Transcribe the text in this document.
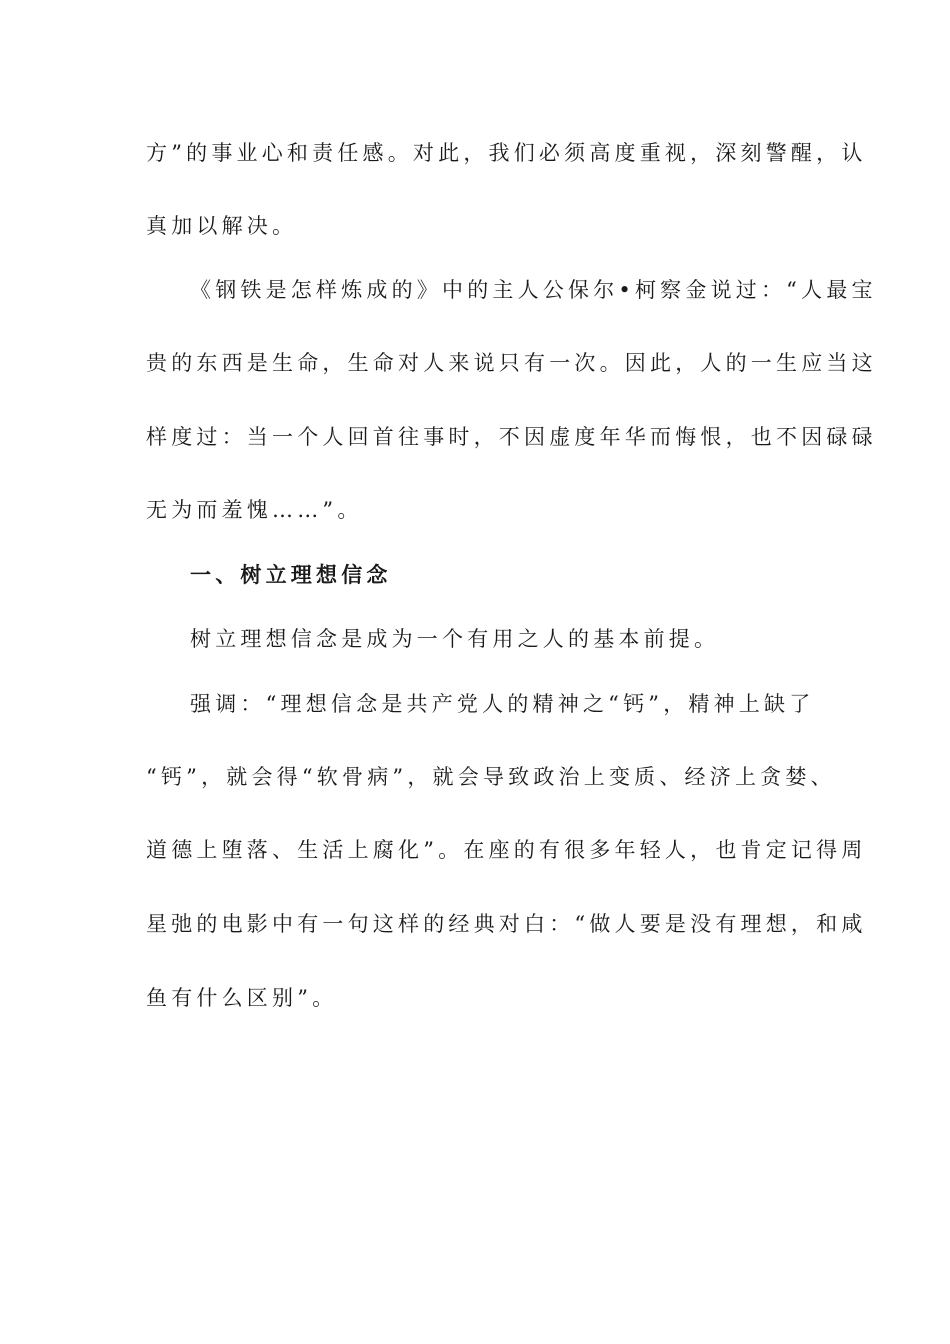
方”的事业心和责任感。对此，我们必须高度重视，深刻警醒，认
真加以解决。
《钢铁是怎样炼成的》中的主人公保尔•柯察金说过：“人最宝
贵的东西是生命，生命对人来说只有一次。因此，人的一生应当这
样度过：当一个人回首往事时，不因虚度年华而悔恨，也不因碌碌
无为而羞愧……”。
一、树立理想信念
树立理想信念是成为一个有用之人的基本前提。
强调：“理想信念是共产党人的精神之“钙”，精神上缺了
“钙”，就会得“软骨病”，就会导致政治上变质、经济上贪婪、
道德上堕落、生活上腐化”。在座的有很多年轻人，也肯定记得周
星弛的电影中有一句这样的经典对白：“做人要是没有理想，和咸
鱼有什么区别”。
